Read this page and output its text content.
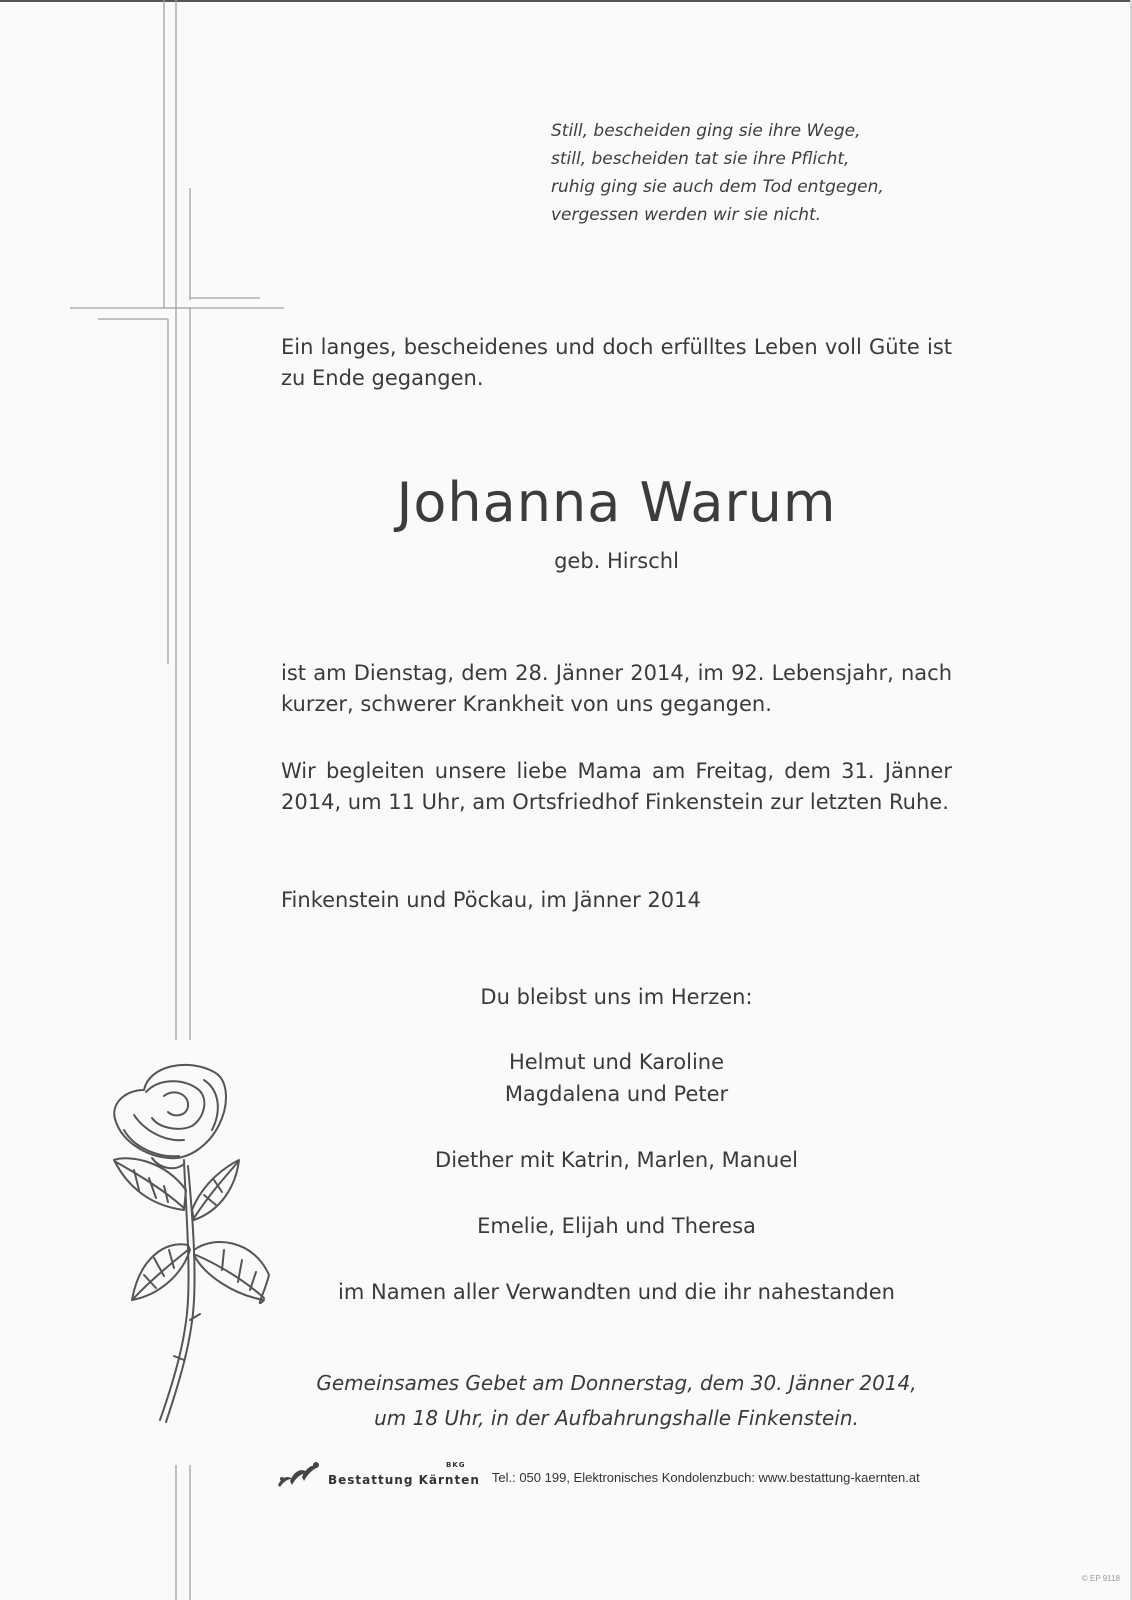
Still, bescheiden ging sie ihre Wege,
still, bescheiden tat sie ihre Pflicht,
ruhig ging sie auch dem Tod entgegen,
vergessen werden wir sie nicht.
Ein langes, bescheidenes und doch erfülltes Leben voll Güte ist zu Ende gegangen.
Johanna Warum
geb. Hirschl
ist am Dienstag, dem 28. Jänner 2014, im 92. Lebensjahr, nach kurzer, schwerer Krankheit von uns gegangen.
Wir begleiten unsere liebe Mama am Freitag, dem 31. Jänner 2014, um 11 Uhr, am Ortsfriedhof Finkenstein zur letzten Ruhe.
Finkenstein und Pöckau, im Jänner 2014
Du bleibst uns im Herzen:
Helmut und Karoline
Magdalena und Peter
Diether mit Katrin, Marlen, Manuel
Emelie, Elijah und Theresa
im Namen aller Verwandten und die ihr nahestanden
Gemeinsames Gebet am Donnerstag, dem 30. Jänner 2014,
um 18 Uhr, in der Aufbahrungshalle Finkenstein.
BKG
Bestattung Kärnten Tel.: 050 199, Elektronisches Kondolenzbuch: www.bestattung-kaernten.at
© EP 9118
